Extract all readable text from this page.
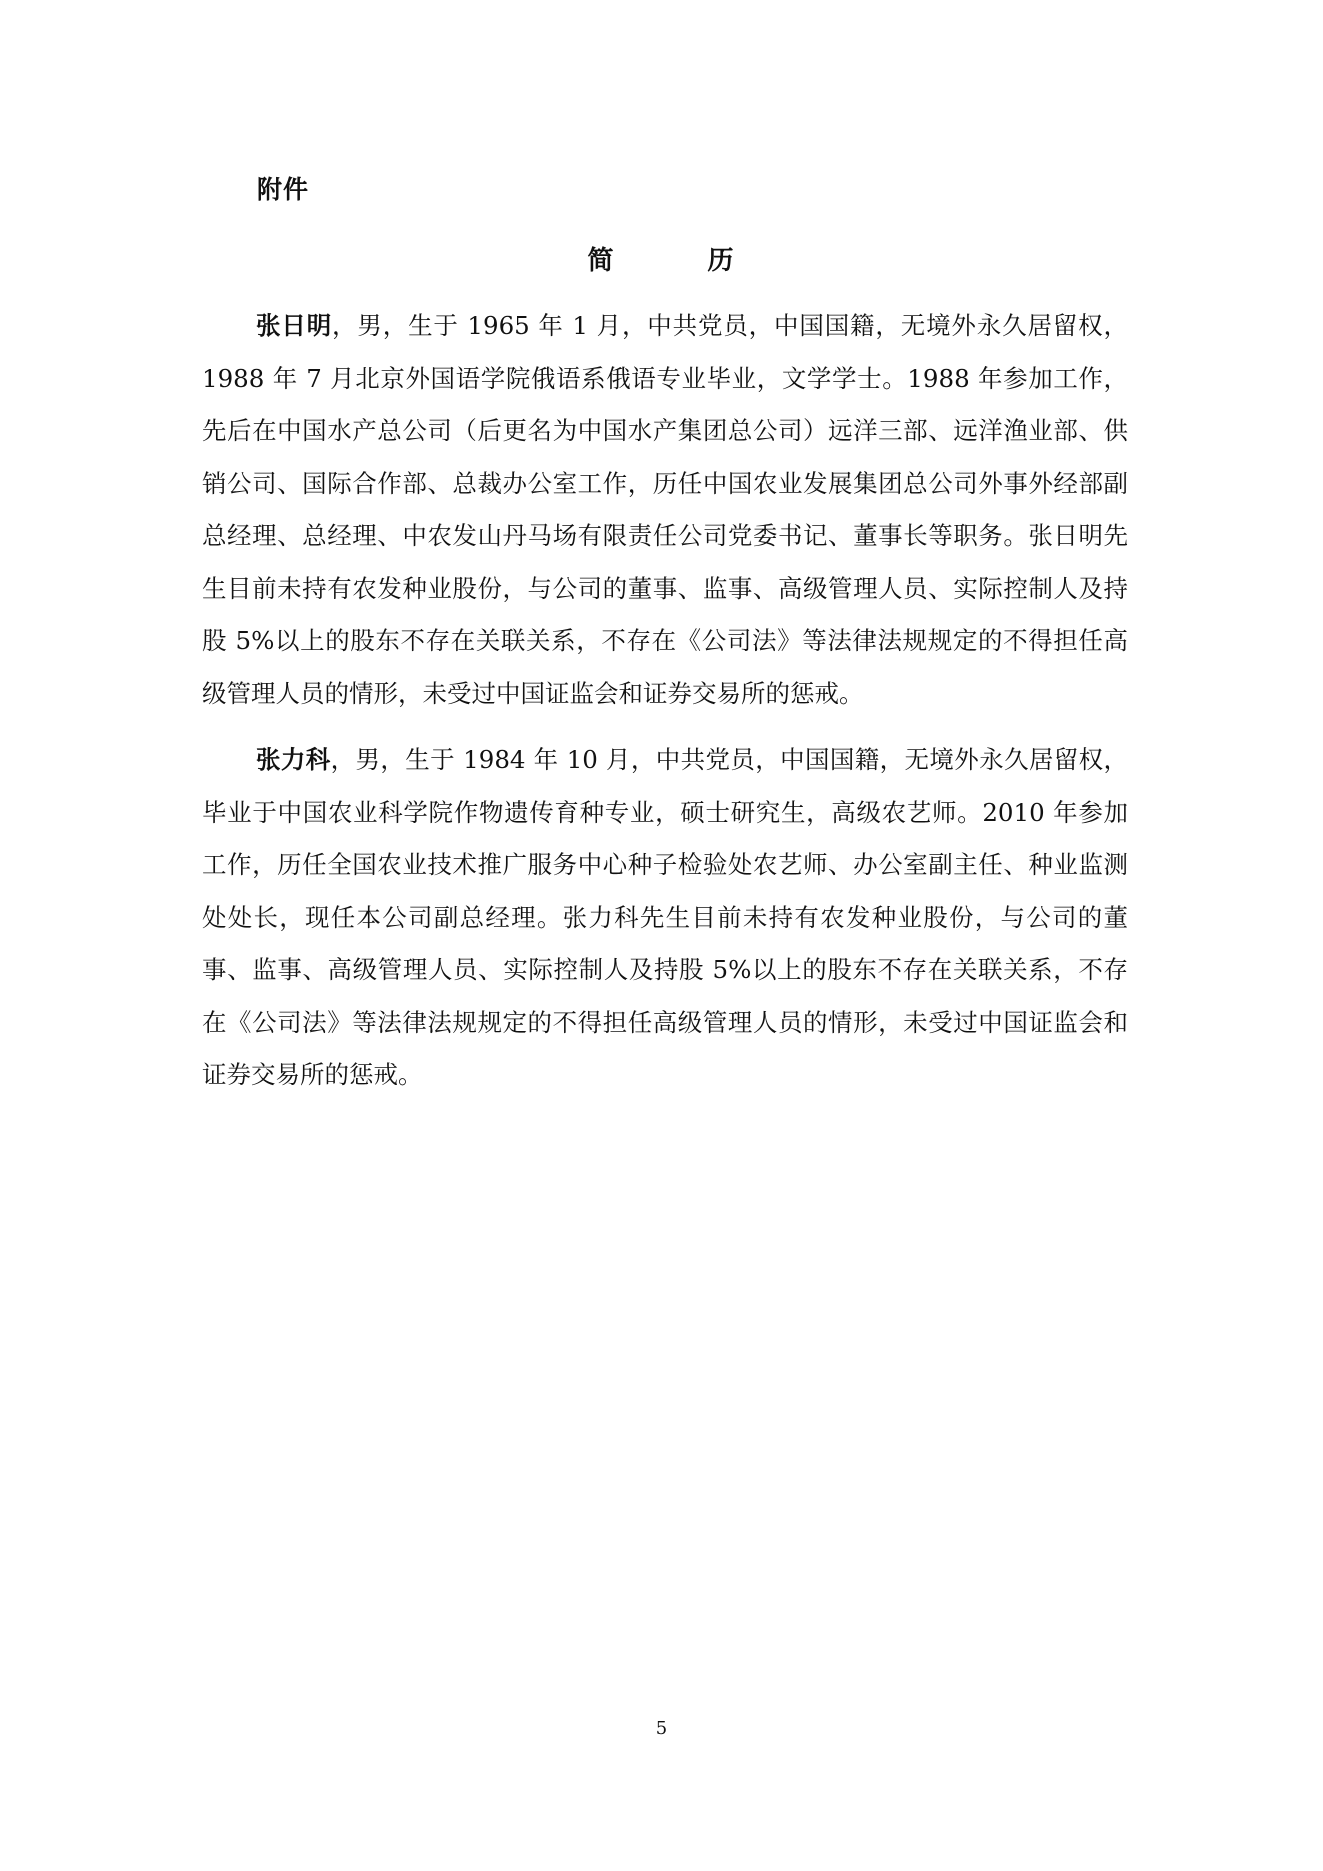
附件
简	历

张日明，男，生于 1965 年 1 月，中共党员，中国国籍，无境外永久居留权，1988 年 7 月北京外国语学院俄语系俄语专业毕业，文学学士。1988 年参加工作，先后在中国水产总公司（后更名为中国水产集团总公司）远洋三部、远洋渔业部、供销公司、国际合作部、总裁办公室工作，历任中国农业发展集团总公司外事外经部副总经理、总经理、中农发山丹马场有限责任公司党委书记、董事长等职务。张日明先生目前未持有农发种业股份，与公司的董事、监事、高级管理人员、实际控制人及持股 5%以上的股东不存在关联关系，不存在《公司法》等法律法规规定的不得担任高级管理人员的情形，未受过中国证监会和证券交易所的惩戒。

张力科，男，生于 1984 年 10 月，中共党员，中国国籍，无境外永久居留权，毕业于中国农业科学院作物遗传育种专业，硕士研究生，高级农艺师。2010 年参加工作，历任全国农业技术推广服务中心种子检验处农艺师、办公室副主任、种业监测处处长，现任本公司副总经理。张力科先生目前未持有农发种业股份，与公司的董事、监事、高级管理人员、实际控制人及持股 5%以上的股东不存在关联关系，不存在《公司法》等法律法规规定的不得担任高级管理人员的情形，未受过中国证监会和证券交易所的惩戒。

5
